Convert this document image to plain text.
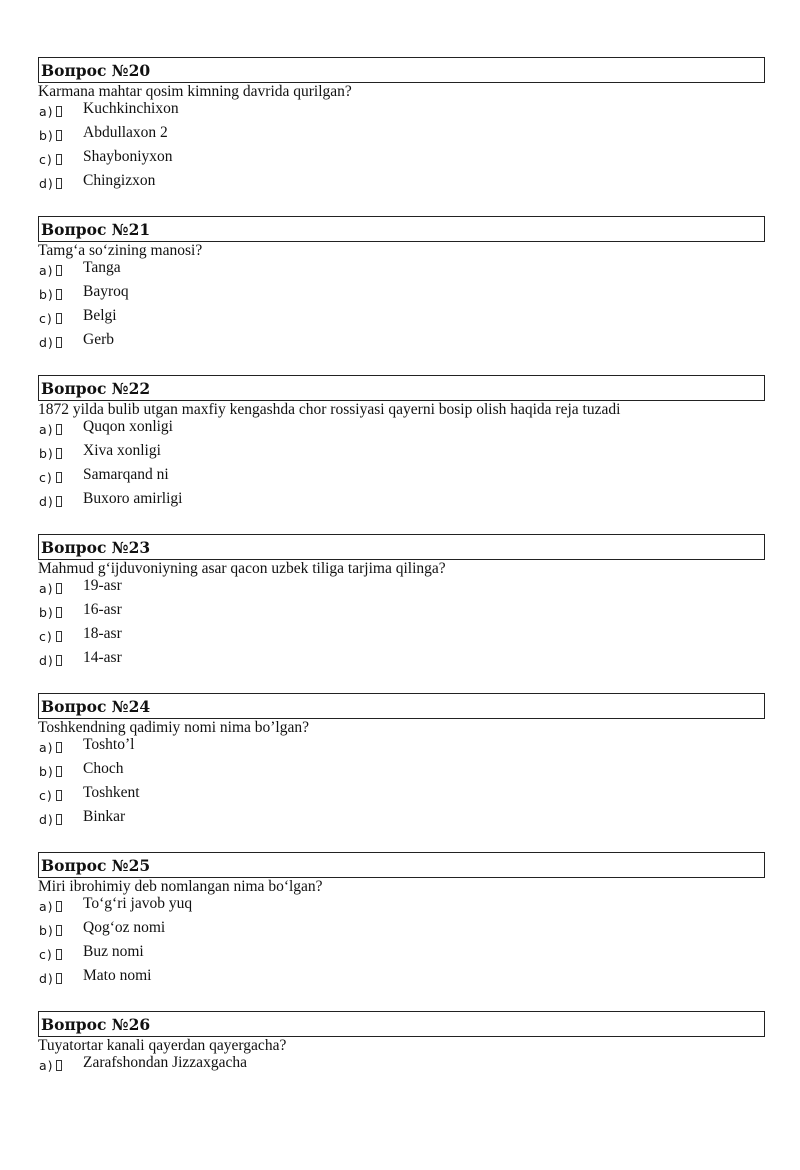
Вопрос №20
Karmana mahtar qosim kimning davrida qurilgan?
a) Kuchkinchixon
b) Abdullaxon 2
c) Shayboniyxon
d) Chingizxon
Вопрос №21
Tamg‘a so‘zining manosi?
a) Tanga
b) Bayroq
c) Belgi
d) Gerb
Вопрос №22
1872 yilda bulib utgan maxfiy kengashda chor rossiyasi qayerni bosip olish haqida reja tuzadi
a) Quqon xonligi
b) Xiva xonligi
c) Samarqand ni
d) Buxoro amirligi
Вопрос №23
Mahmud g‘ijduvoniyning asar qacon uzbek tiliga tarjima qilinga?
a) 19-asr
b) 16-asr
c) 18-asr
d) 14-asr
Вопрос №24
Toshkendning qadimiy nomi nima bo’lgan?
a) Toshto’l
b) Choch
c) Toshkent
d) Binkar
Вопрос №25
Miri ibrohimiy deb nomlangan nima bo‘lgan?
a) To‘g‘ri javob yuq
b) Qog‘oz nomi
c) Buz nomi
d) Mato nomi
Вопрос №26
Tuyatortar kanali qayerdan qayergacha?
a) Zarafshondan Jizzaxgacha
